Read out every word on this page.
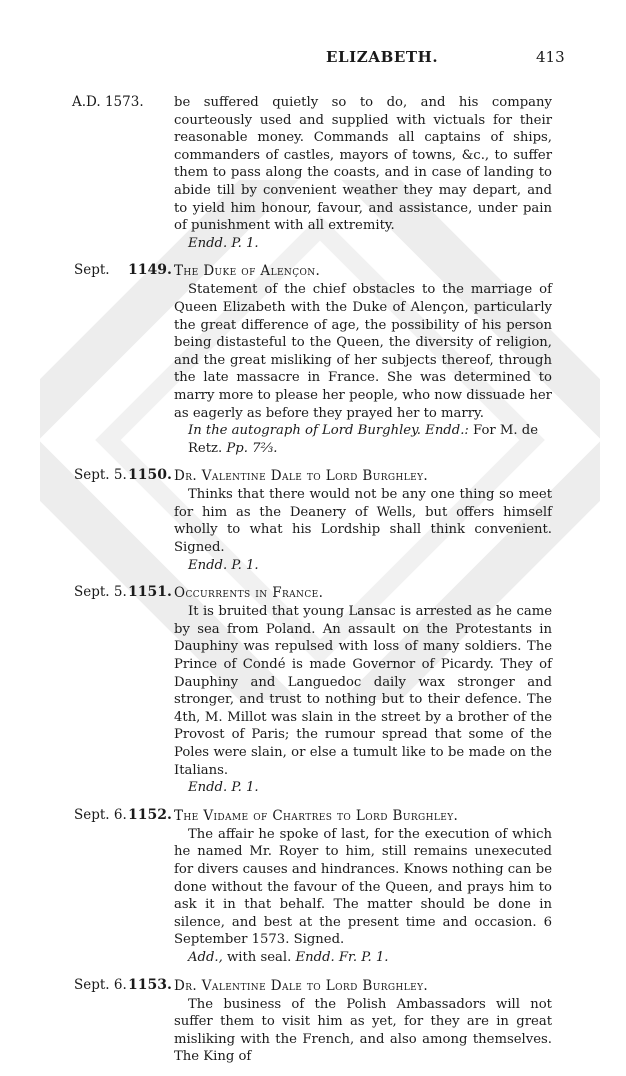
ELIZABETH.	413
A.D. 1573. be suffered quietly so to do, and his company courteously used and supplied with victuals for their reasonable money. Commands all captains of ships, commanders of castles, mayors of towns, &c., to suffer them to pass along the coasts, and in case of landing to abide till by convenient weather they may depart, and to yield him honour, favour, and assistance, under pain of punishment with all extremity.
Endd. P. 1.
Sept. 1149. The Duke of Alençon.
Statement of the chief obstacles to the marriage of Queen Elizabeth with the Duke of Alençon, particularly the great difference of age, the possibility of his person being distasteful to the Queen, the diversity of religion, and the great misliking of her subjects thereof, through the late massacre in France. She was determined to marry more to please her people, who now dissuade her as eagerly as before they prayed her to marry.
In the autograph of Lord Burghley. Endd.: For M. de Retz. Pp. 7⅔.
Sept. 5.1150. Dr. Valentine Dale to Lord Burghley.
Thinks that there would not be any one thing so meet for him as the Deanery of Wells, but offers himself wholly to what his Lordship shall think convenient. Signed.
Endd. P. 1.
Sept. 5.1151. Occurrents in France.
It is bruited that young Lansac is arrested as he came by sea from Poland. An assault on the Protestants in Dauphiny was repulsed with loss of many soldiers. The Prince of Condé is made Governor of Picardy. They of Dauphiny and Languedoc daily wax stronger and stronger, and trust to nothing but to their defence. The 4th, M. Millot was slain in the street by a brother of the Provost of Paris; the rumour spread that some of the Poles were slain, or else a tumult like to be made on the Italians.
Endd. P. 1.
Sept. 6.1152. The Vidame of Chartres to Lord Burghley.
The affair he spoke of last, for the execution of which he named Mr. Royer to him, still remains unexecuted for divers causes and hindrances. Knows nothing can be done without the favour of the Queen, and prays him to ask it in that behalf. The matter should be done in silence, and best at the present time and occasion. 6 September 1573. Signed.
Add., with seal. Endd. Fr. P. 1.
Sept. 6.1153. Dr. Valentine Dale to Lord Burghley.
The business of the Polish Ambassadors will not suffer them to visit him as yet, for they are in great misliking with the French, and also among themselves. The King of
